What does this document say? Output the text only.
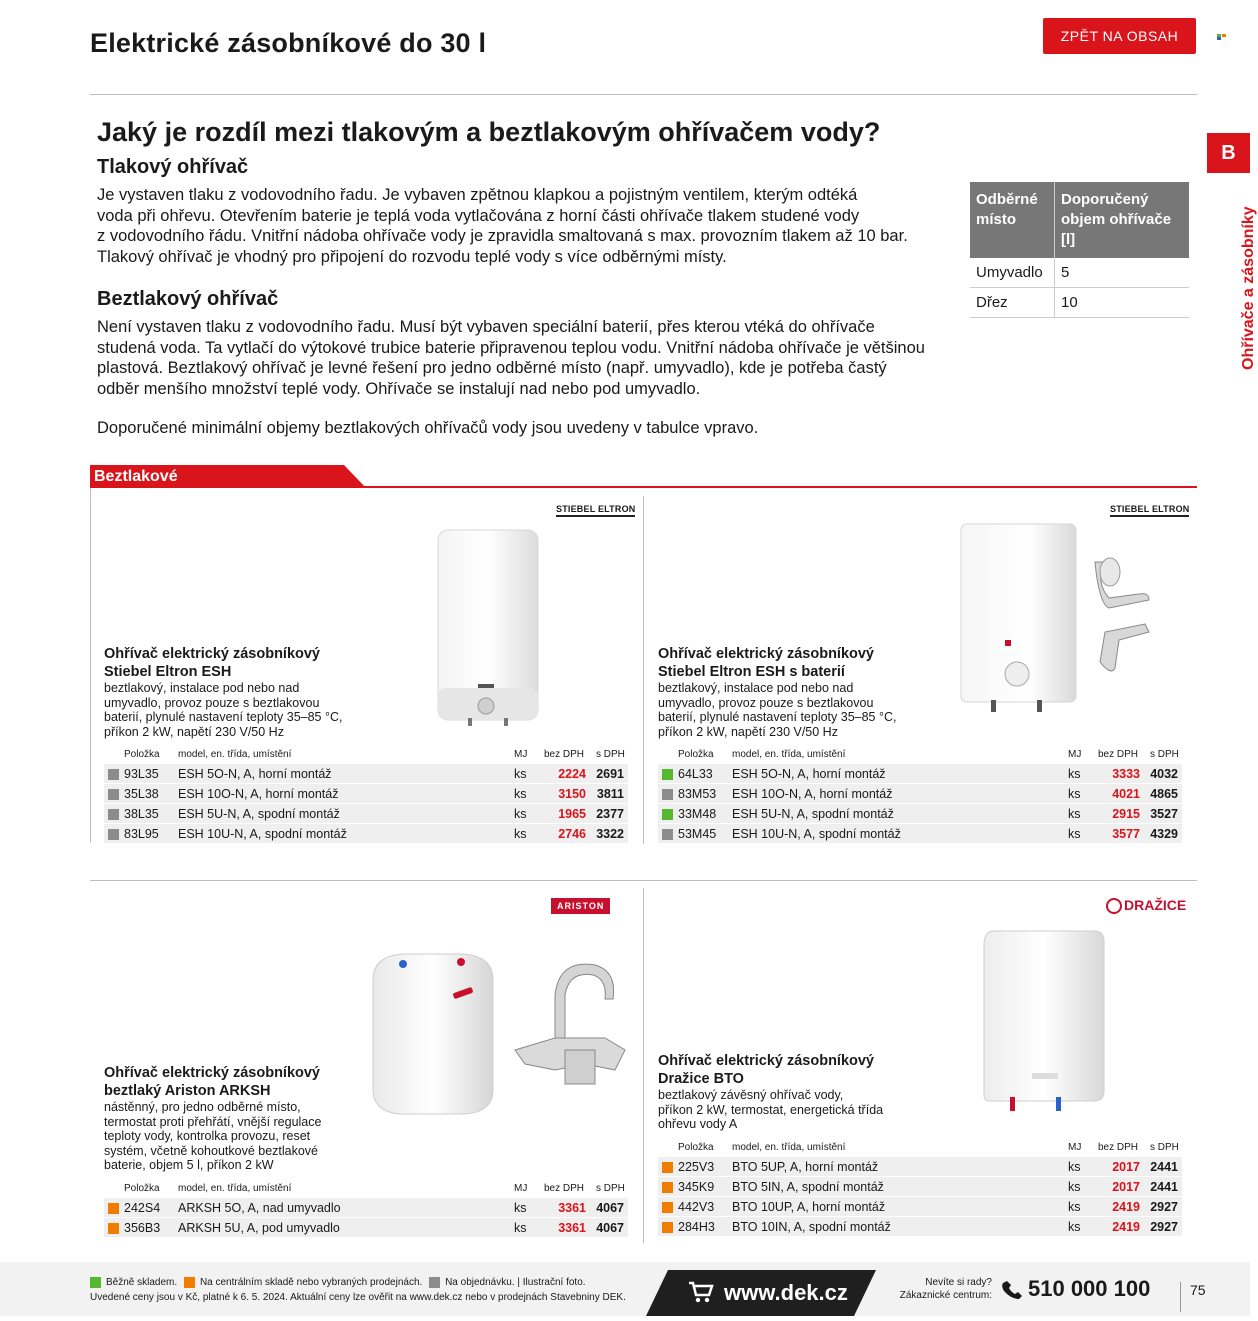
Elektrické zásobníkové do 30 l	ZPĚT NA OBSAH
B
Ohřívače a zásobníky
Jaký je rozdíl mezi tlakovým a beztlakovým ohřívačem vody?
Tlakový ohřívač
Je vystaven tlaku z vodovodního řadu. Je vybaven zpětnou klapkou a pojistným ventilem, kterým odtéká
voda při ohřevu. Otevřením baterie je teplá voda vytlačována z horní části ohřívače tlakem studené vody
z vodovodního řádu. Vnitřní nádoba ohřívače vody je zpravidla smaltovaná s max. provozním tlakem až 10 bar.
Tlakový ohřívač je vhodný pro připojení do rozvodu teplé vody s více odběrnými místy.
Beztlakový ohřívač
Není vystaven tlaku z vodovodního řadu. Musí být vybaven speciální baterií, přes kterou vtéká do ohřívače
studená voda. Ta vytlačí do výtokové trubice baterie připravenou teplou vodu. Vnitřní nádoba ohřívače je většinou
plastová. Beztlakový ohřívač je levné řešení pro jedno odběrné místo (např. umyvadlo), kde je potřeba častý
odběr menšího množství teplé vody. Ohřívače se instalují nad nebo pod umyvadlo.
Doporučené minimální objemy beztlakových ohřívačů vody jsou uvedeny v tabulce vpravo.
Odběrné místo	Doporučený objem ohřívače [l]
Umyvadlo	5
Dřez	10
Beztlakové
STIEBEL ELTRON
Ohřívač elektrický zásobníkový
Stiebel Eltron ESH
beztlakový, instalace pod nebo nad
umyvadlo, provoz pouze s beztlakovou
baterií, plynulé nastavení teploty 35–85 °C,
příkon 2 kW, napětí 230 V/50 Hz
Položka	model, en. třída, umístění	MJ	bez DPH	s DPH
93L35	ESH 5O-N, A, horní montáž	ks	2224	2691
35L38	ESH 10O-N, A, horní montáž	ks	3150	3811
38L35	ESH 5U-N, A, spodní montáž	ks	1965	2377
83L95	ESH 10U-N, A, spodní montáž	ks	2746	3322
STIEBEL ELTRON
Ohřívač elektrický zásobníkový
Stiebel Eltron ESH s baterií
beztlakový, instalace pod nebo nad
umyvadlo, provoz pouze s beztlakovou
baterií, plynulé nastavení teploty 35–85 °C,
příkon 2 kW, napětí 230 V/50 Hz
Položka	model, en. třída, umístění	MJ	bez DPH	s DPH
64L33	ESH 5O-N, A, horní montáž	ks	3333	4032
83M53	ESH 10O-N, A, horní montáž	ks	4021	4865
33M48	ESH 5U-N, A, spodní montáž	ks	2915	3527
53M45	ESH 10U-N, A, spodní montáž	ks	3577	4329
ARISTON
Ohřívač elektrický zásobníkový
beztlaký Ariston ARKSH
nástěnný, pro jedno odběrné místo,
termostat proti přehřátí, vnější regulace
teploty vody, kontrolka provozu, reset
systém, včetně kohoutkové beztlakové
baterie, objem 5 l, příkon 2 kW
Položka	model, en. třída, umístění	MJ	bez DPH	s DPH
242S4	ARKSH 5O, A, nad umyvadlo	ks	3361	4067
356B3	ARKSH 5U, A, pod umyvadlo	ks	3361	4067
DRAŽICE
Ohřívač elektrický zásobníkový
Dražice BTO
beztlakový závěsný ohřívač vody,
příkon 2 kW, termostat, energetická třída
ohřevu vody A
Položka	model, en. třída, umístění	MJ	bez DPH	s DPH
225V3	BTO 5UP, A, horní montáž	ks	2017	2441
345K9	BTO 5IN, A, spodní montáž	ks	2017	2441
442V3	BTO 10UP, A, horní montáž	ks	2419	2927
284H3	BTO 10IN, A, spodní montáž	ks	2419	2927
Běžně skladem. Na centrálním skladě nebo vybraných prodejnách. Na objednávku. | Ilustrační foto.
Uvedené ceny jsou v Kč, platné k 6. 5. 2024. Aktuální ceny lze ověřit na www.dek.cz nebo v prodejnách Stavebniny DEK.	www.dek.cz	Nevíte si rady?
Zákaznické centrum: 510 000 100	75
